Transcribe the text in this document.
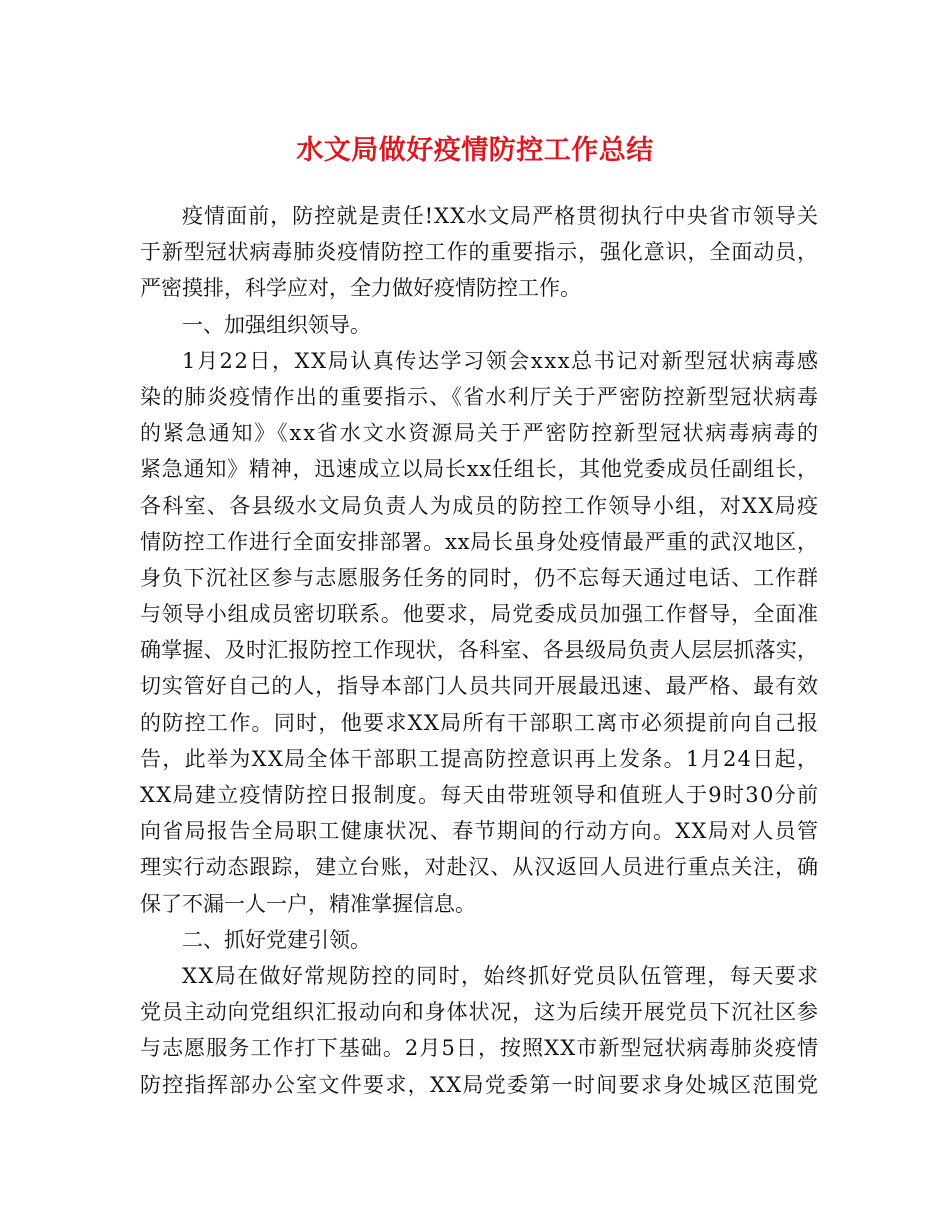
水文局做好疫情防控工作总结
疫情面前，防控就是责任!XX水文局严格贯彻执行中央省市领导关
于新型冠状病毒肺炎疫情防控工作的重要指示，强化意识，全面动员，
严密摸排，科学应对，全力做好疫情防控工作。
一、加强组织领导。
1月22日，XX局认真传达学习领会xxx总书记对新型冠状病毒感
染的肺炎疫情作出的重要指示、《省水利厅关于严密防控新型冠状病毒
的紧急通知》《xx省水文水资源局关于严密防控新型冠状病毒病毒的
紧急通知》精神，迅速成立以局长xx任组长，其他党委成员任副组长，
各科室、各县级水文局负责人为成员的防控工作领导小组，对XX局疫
情防控工作进行全面安排部署。xx局长虽身处疫情最严重的武汉地区，
身负下沉社区参与志愿服务任务的同时，仍不忘每天通过电话、工作群
与领导小组成员密切联系。他要求，局党委成员加强工作督导，全面准
确掌握、及时汇报防控工作现状，各科室、各县级局负责人层层抓落实，
切实管好自己的人，指导本部门人员共同开展最迅速、最严格、最有效
的防控工作。同时，他要求XX局所有干部职工离市必须提前向自己报
告，此举为XX局全体干部职工提高防控意识再上发条。1月24日起，
XX局建立疫情防控日报制度。每天由带班领导和值班人于9时30分前
向省局报告全局职工健康状况、春节期间的行动方向。XX局对人员管
理实行动态跟踪，建立台账，对赴汉、从汉返回人员进行重点关注，确
保了不漏一人一户，精准掌握信息。
二、抓好党建引领。
XX局在做好常规防控的同时，始终抓好党员队伍管理，每天要求
党员主动向党组织汇报动向和身体状况，这为后续开展党员下沉社区参
与志愿服务工作打下基础。2月5日，按照XX市新型冠状病毒肺炎疫情
防控指挥部办公室文件要求，XX局党委第一时间要求身处城区范围党
